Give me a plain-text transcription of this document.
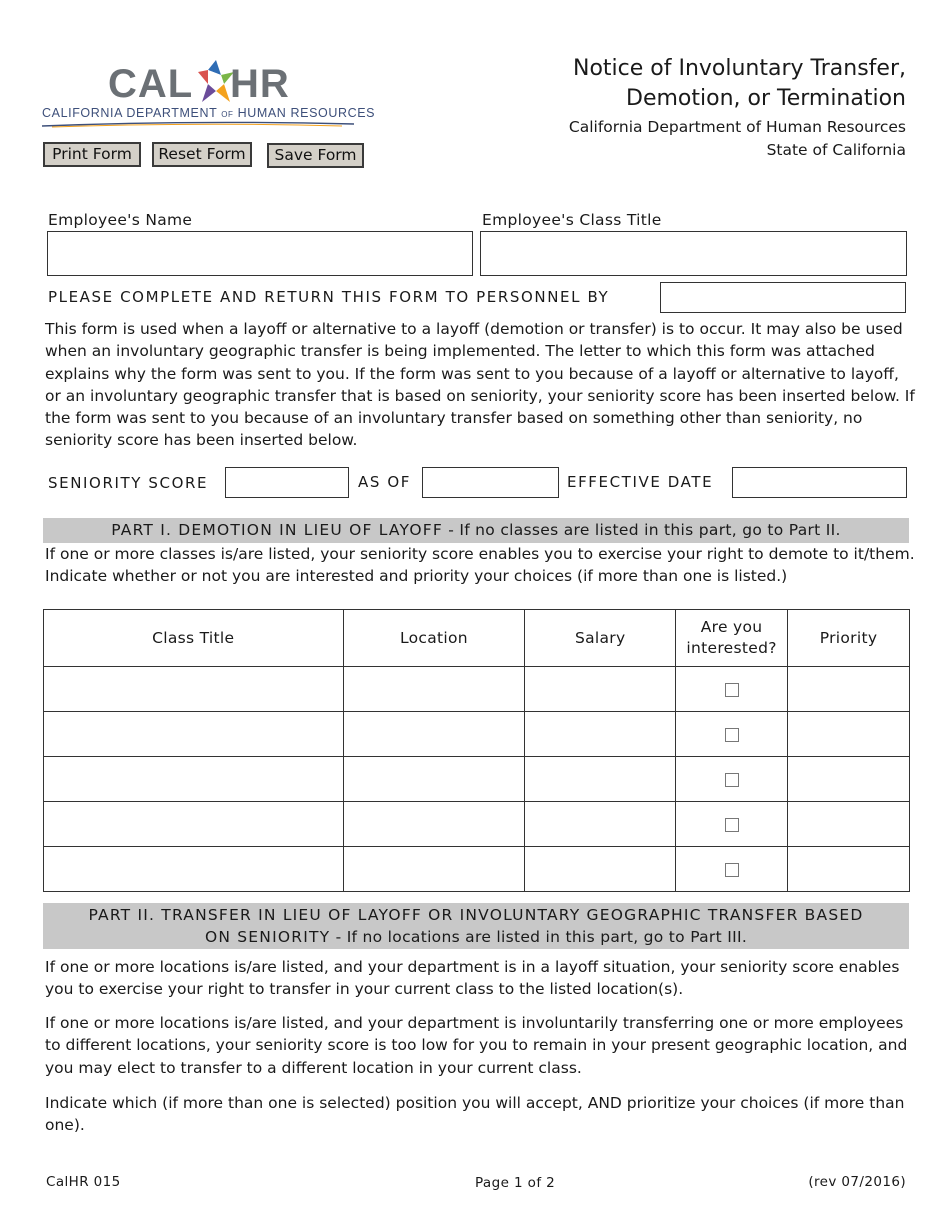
CAL HR
CALIFORNIA DEPARTMENT OF HUMAN RESOURCES
Print Form	Reset Form	Save Form
Notice of Involuntary Transfer,
Demotion, or Termination
California Department of Human Resources
State of California
Employee's Name	Employee's Class Title
PLEASE COMPLETE AND RETURN THIS FORM TO PERSONNEL BY
This form is used when a layoff or alternative to a layoff (demotion or transfer) is to occur. It may also be used when an involuntary geographic transfer is being implemented. The letter to which this form was attached explains why the form was sent to you. If the form was sent to you because of a layoff or alternative to layoff, or an involuntary geographic transfer that is based on seniority, your seniority score has been inserted below. If the form was sent to you because of an involuntary transfer based on something other than seniority, no seniority score has been inserted below.
SENIORITY SCORE	AS OF	EFFECTIVE DATE
PART I. DEMOTION IN LIEU OF LAYOFF - If no classes are listed in this part, go to Part II.
If one or more classes is/are listed, your seniority score enables you to exercise your right to demote to it/them. Indicate whether or not you are interested and priority your choices (if more than one is listed.)
Class Title	Location	Salary	Are you
interested?	Priority

PART II. TRANSFER IN LIEU OF LAYOFF OR INVOLUNTARY GEOGRAPHIC TRANSFER BASED
ON SENIORITY - If no locations are listed in this part, go to Part III.
If one or more locations is/are listed, and your department is in a layoff situation, your seniority score enables you to exercise your right to transfer in your current class to the listed location(s).
If one or more locations is/are listed, and your department is involuntarily transferring one or more employees to different locations, your seniority score is too low for you to remain in your present geographic location, and you may elect to transfer to a different location in your current class.
Indicate which (if more than one is selected) position you will accept, AND prioritize your choices (if more than one).
CalHR 015	Page 1 of 2	(rev 07/2016)
